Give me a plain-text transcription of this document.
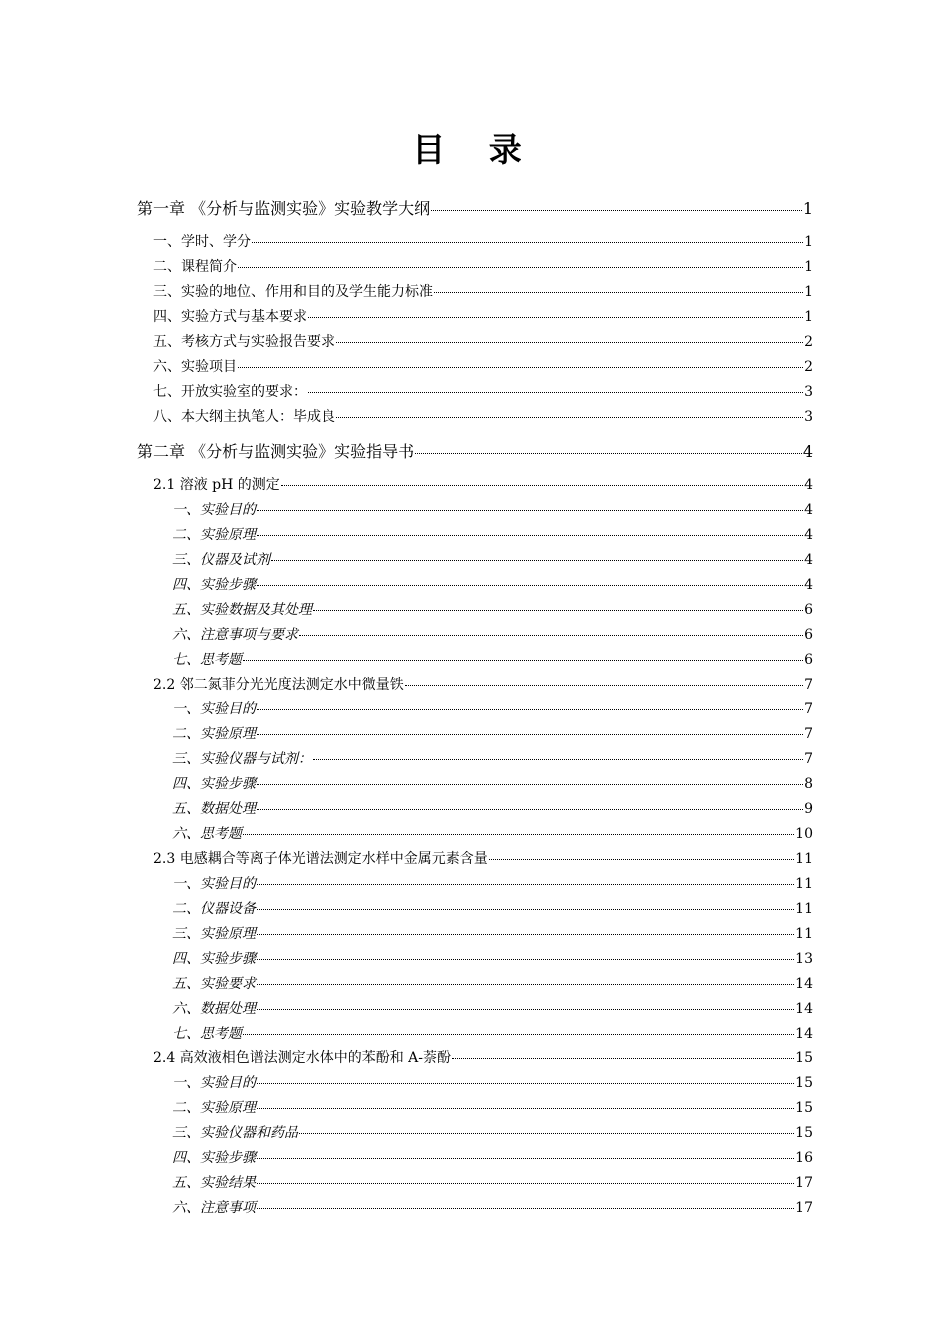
目 录
第一章 《分析与监测实验》实验教学大纲	1
一、学时、学分	1
二、课程简介	1
三、实验的地位、作用和目的及学生能力标准	1
四、实验方式与基本要求	1
五、考核方式与实验报告要求	2
六、实验项目	2
七、开放实验室的要求：	3
八、本大纲主执笔人：毕成良	3
第二章 《分析与监测实验》实验指导书	4
2.1 溶液 pH 的测定	4
一、实验目的	4
二、实验原理	4
三、仪器及试剂	4
四、实验步骤	4
五、实验数据及其处理	6
六、注意事项与要求	6
七、思考题	6
2.2 邻二氮菲分光光度法测定水中微量铁	7
一、实验目的	7
二、实验原理	7
三、实验仪器与试剂：	7
四、实验步骤	8
五、数据处理	9
六、思考题	10
2.3 电感耦合等离子体光谱法测定水样中金属元素含量	11
一、实验目的	11
二、仪器设备	11
三、实验原理	11
四、实验步骤	13
五、实验要求	14
六、数据处理	14
七、思考题	14
2.4 高效液相色谱法测定水体中的苯酚和 A-萘酚	15
一、实验目的	15
二、实验原理	15
三、实验仪器和药品	15
四、实验步骤	16
五、实验结果	17
六、注意事项	17
